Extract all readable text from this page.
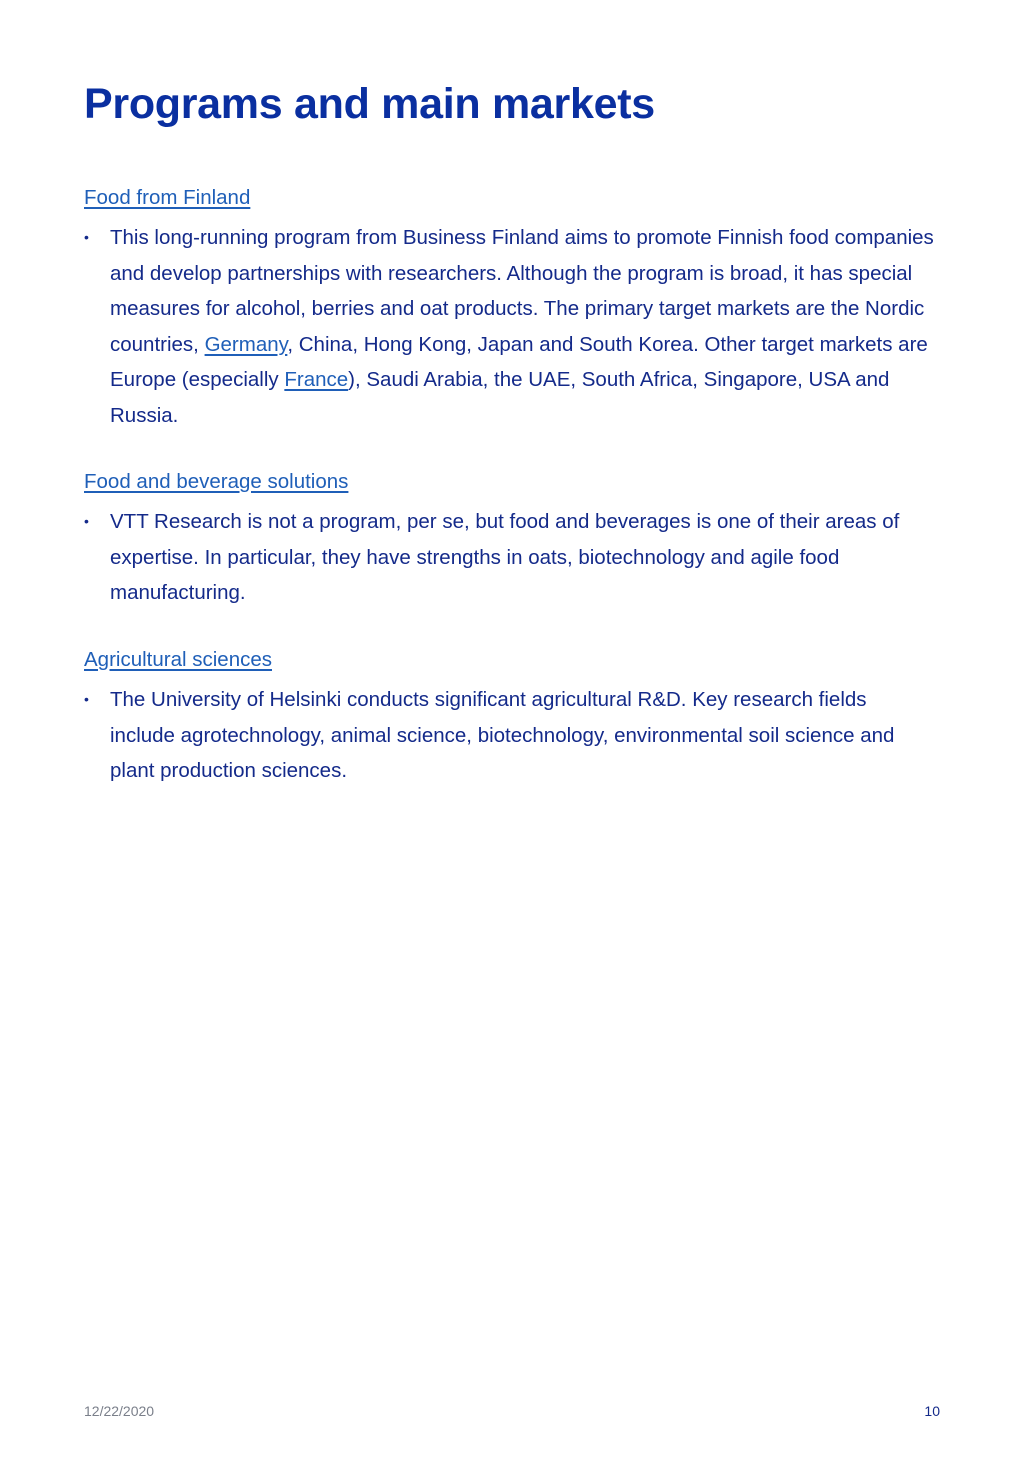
Programs and main markets
Food from Finland
• This long-running program from Business Finland aims to promote Finnish food companies and develop partnerships with researchers. Although the program is broad, it has special measures for alcohol, berries and oat products. The primary target markets are the Nordic countries, Germany, China, Hong Kong, Japan and South Korea. Other target markets are Europe (especially France), Saudi Arabia, the UAE, South Africa, Singapore, USA and Russia.
Food and beverage solutions
• VTT Research is not a program, per se, but food and beverages is one of their areas of expertise. In particular, they have strengths in oats, biotechnology and agile food manufacturing.
Agricultural sciences
• The University of Helsinki conducts significant agricultural R&D. Key research fields include agrotechnology, animal science, biotechnology, environmental soil science and plant production sciences.
12/22/2020	10
